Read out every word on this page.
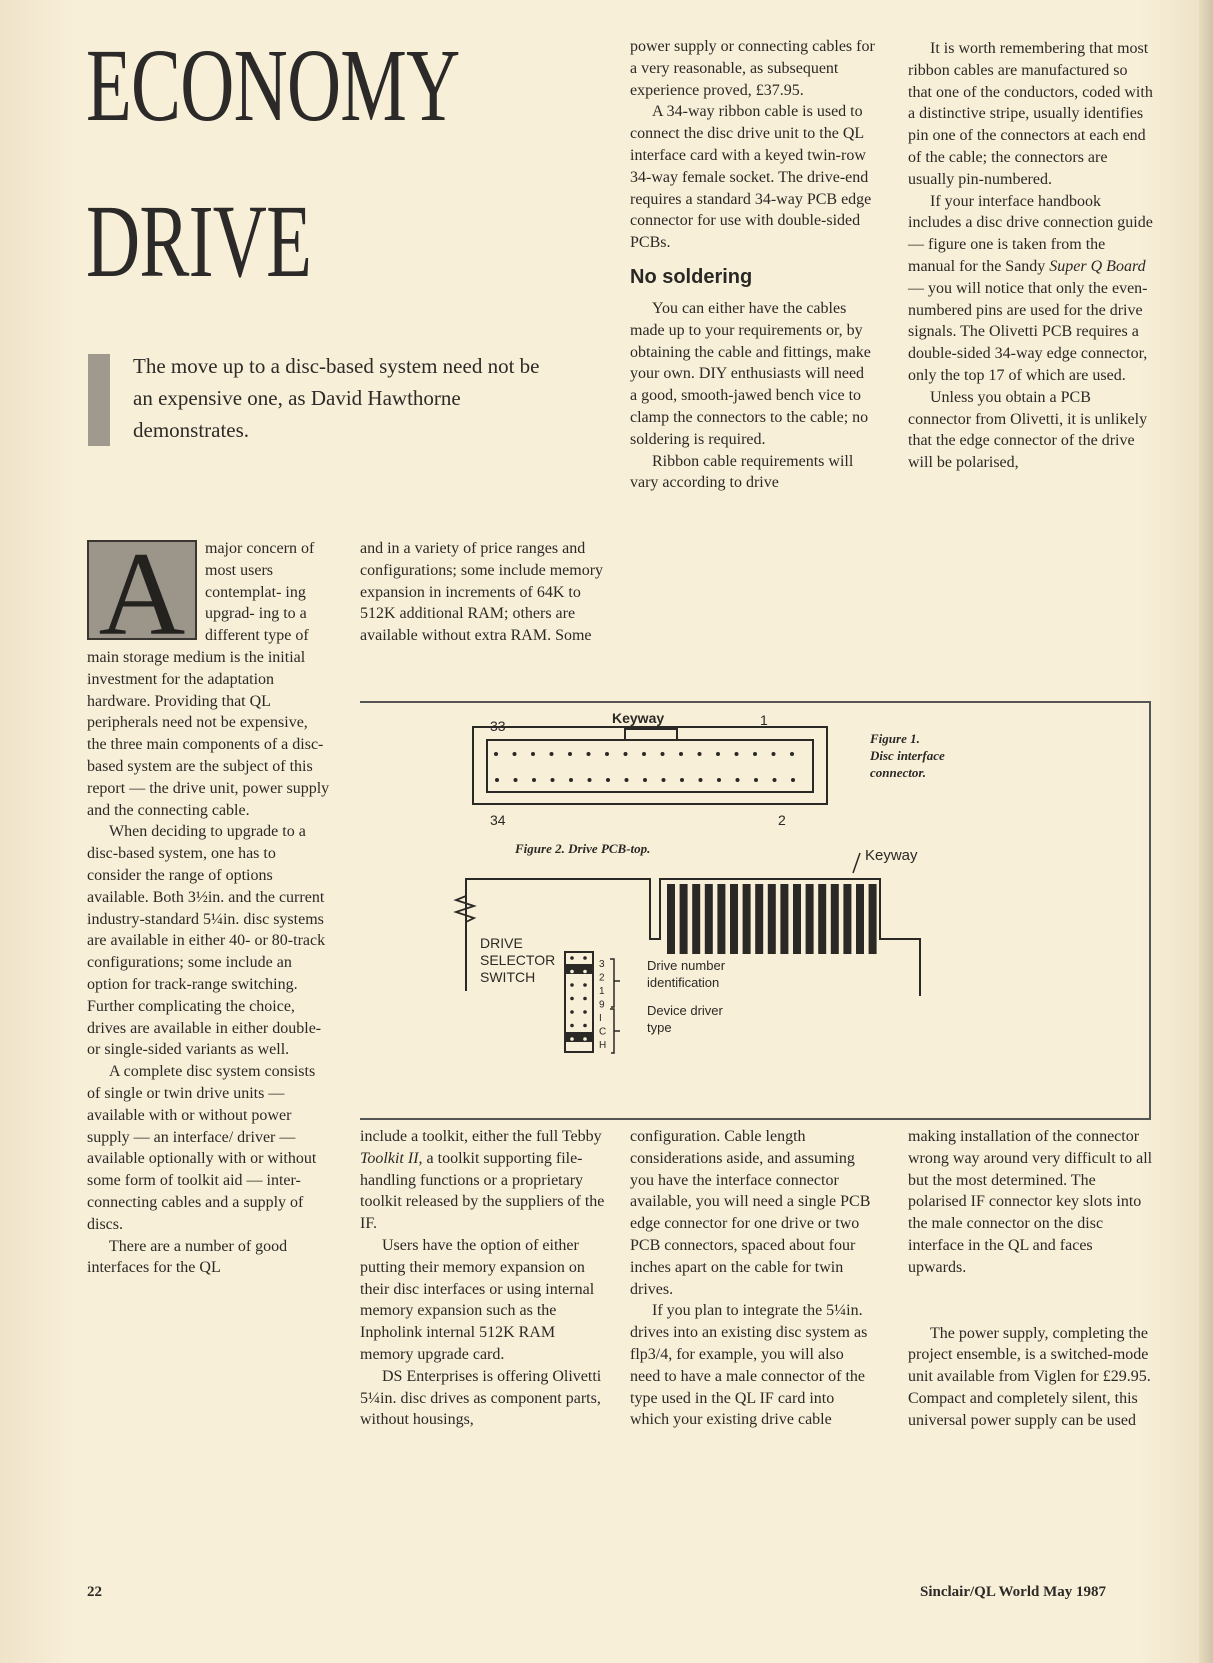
ECONOMY
DRIVE
The move up to a disc-based system need not be an expensive one, as David Hawthorne demonstrates.

A	major concern of most users contemplat- ing upgrad- ing to a different type of main storage medium is the initial investment for the adaptation hardware. Providing that QL peripherals need not be expensive, the three main components of a disc-based system are the subject of this report — the drive unit, power supply and the connecting cable.

When deciding to upgrade to a disc-based system, one has to consider the range of options available. Both 3½in. and the current industry-standard 5¼in. disc systems are available in either 40- or 80-track configurations; some include an option for track-range switching. Further complicating the choice, drives are available in either double- or single-sided variants as well.

A complete disc system consists of single or twin drive units — available with or without power supply — an interface/ driver — available optionally with or without some form of toolkit aid — inter-connecting cables and a supply of discs.

There are a number of good interfaces for the QL

and in a variety of price ranges and configurations; some include memory expansion in increments of 64K to 512K additional RAM; others are available without extra RAM. Some

include a toolkit, either the full Tebby Toolkit II, a toolkit supporting file-handling functions or a proprietary toolkit released by the suppliers of the IF.

Users have the option of either putting their memory expansion on their disc interfaces or using internal memory expansion such as the Inpholink internal 512K RAM memory upgrade card.

DS Enterprises is offering Olivetti 5¼in. disc drives as component parts, without housings,

power supply or connecting cables for a very reasonable, as subsequent experience proved, £37.95.

A 34-way ribbon cable is used to connect the disc drive unit to the QL interface card with a keyed twin-row 34-way female socket. The drive-end requires a standard 34-way PCB edge connector for use with double-sided PCBs.

No soldering

You can either have the cables made up to your requirements or, by obtaining the cable and fittings, make your own. DIY enthusiasts will need a good, smooth-jawed bench vice to clamp the connectors to the cable; no soldering is required.

Ribbon cable requirements will vary according to drive

configuration. Cable length considerations aside, and assuming you have the interface connector available, you will need a single PCB edge connector for one drive or two PCB connectors, spaced about four inches apart on the cable for twin drives.

If you plan to integrate the 5¼in. drives into an existing disc system as flp3/4, for example, you will also need to have a male connector of the type used in the QL IF card into which your existing drive cable

It is worth remembering that most ribbon cables are manufactured so that one of the conductors, coded with a distinctive stripe, usually identifies pin one of the connectors at each end of the cable; the connectors are usually pin-numbered.

If your interface handbook includes a disc drive connection guide — figure one is taken from the manual for the Sandy Super Q Board — you will notice that only the even-numbered pins are used for the drive signals. The Olivetti PCB requires a double-sided 34-way edge connector, only the top 17 of which are used.

Unless you obtain a PCB connector from Olivetti, it is unlikely that the edge connector of the drive will be polarised,

making installation of the connector wrong way around very difficult to all but the most determined. The polarised IF connector key slots into the male connector on the disc interface in the QL and faces upwards.

The power supply, completing the project ensemble, is a switched-mode unit available from Viglen for £29.95. Compact and completely silent, this universal power supply can be used

33	Keyway	1
34	2
Figure 1.
Disc interface
connector.
Figure 2. Drive PCB-top.	Keyway
DRIVE
SELECTOR
SWITCH
3
2
1
9
I
C
H
Drive number
identification
Device driver
type
22	Sinclair/QL World May 1987
